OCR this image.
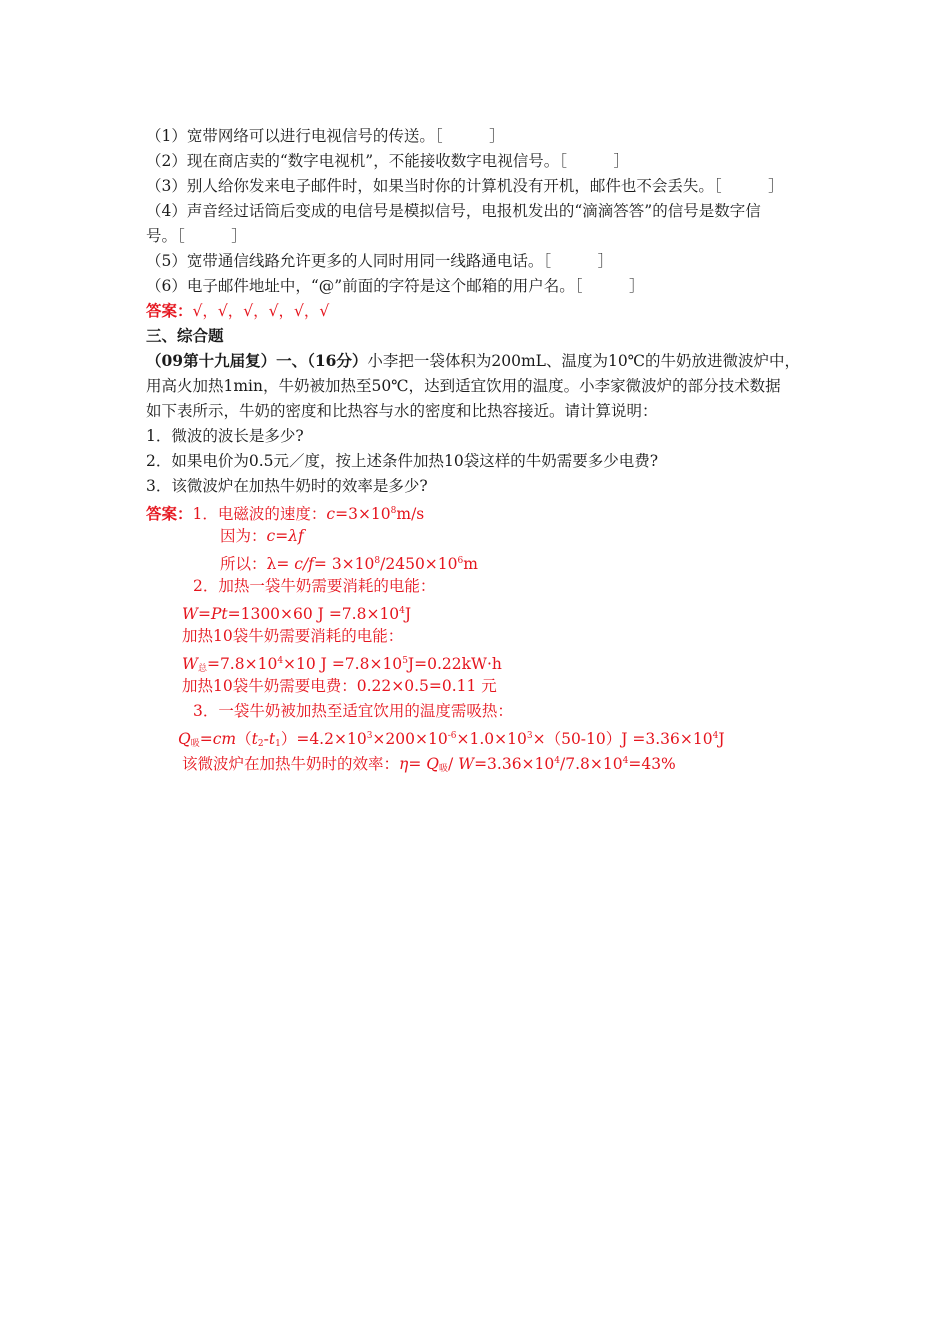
（1）宽带网络可以进行电视信号的传送。［　　　］
（2）现在商店卖的“数字电视机”，不能接收数字电视信号。［　　　］
（3）别人给你发来电子邮件时，如果当时你的计算机没有开机，邮件也不会丢失。［　　　］
（4）声音经过话筒后变成的电信号是模拟信号，电报机发出的“滴滴答答”的信号是数字信
号。［　　　］
（5）宽带通信线路允许更多的人同时用同一线路通电话。［　　　］
（6）电子邮件地址中，“@”前面的字符是这个邮箱的用户名。［　　　］
答案：√，√，√，√，√，√
三、综合题
（09第十九届复）一、（16分）小李把一袋体积为200mL、温度为10℃的牛奶放进微波炉中，
用高火加热1min，牛奶被加热至50℃，达到适宜饮用的温度。小李家微波炉的部分技术数据
如下表所示，牛奶的密度和比热容与水的密度和比热容接近。请计算说明：
1．微波的波长是多少?
2．如果电价为0.5元／度，按上述条件加热10袋这样的牛奶需要多少电费?
3．该微波炉在加热牛奶时的效率是多少?
答案：1．电磁波的速度：$c=3\times 10^8m/s$
因为：c=λf
所以：$\lambda= c/f= 3\times 10^8/2450\times 10^6m$
2．加热一袋牛奶需要消耗的电能：
W=Pt=1300×60 $J =7.8\times 10^4J$
加热10袋牛奶需要消耗的电能：
$W_总=7.8\times 10^4\times 10$ $J =7.8\times 10^5J=0.22kW\cdot h$
加热10袋牛奶需要电费：0.22×0.5=0.11 元
3．一袋牛奶被加热至适宜饮用的温度需吸热：
$Q_吸=cm(t_2-t_1)=4.2\times 10^3\times 200\times 10^{-6}\times 1.0\times 10^3\times(50-10)J =3.36\times 10^4J$
该微波炉在加热牛奶时的效率：$\eta= Q_吸/$ $W=3.36\times 10^4/7.8\times 10^4=43\%$
